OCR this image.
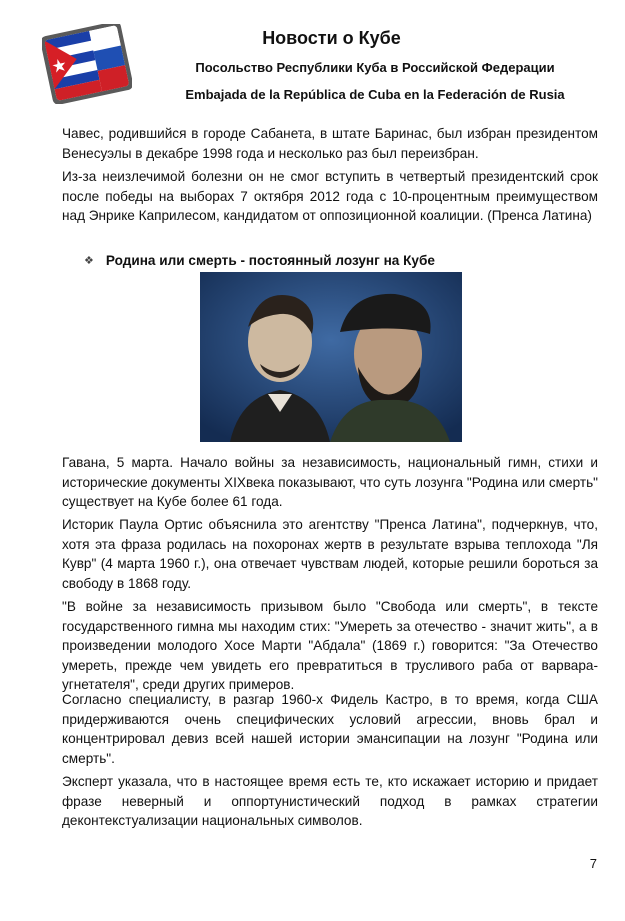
Новости о Кубе
Посольство Республики Куба в Российской Федерации
Embajada de la República de Cuba en la Federación de Rusia

Чавес, родившийся в городе Сабанета, в штате Баринас, был избран президентом Венесуэлы в декабре 1998 года и несколько раз был переизбран.

Из-за неизлечимой болезни он не смог вступить в четвертый президентский срок после победы на выборах 7 октября 2012 года с 10-процентным преимуществом над Энрике Каприлесом, кандидатом от оппозиционной коалиции. (Пренса Латина)

❖ Родина или смерть - постоянный лозунг на Кубе

Гавана, 5 марта. Начало войны за независимость, национальный гимн, стихи и исторические документы XIXвека показывают, что суть лозунга "Родина или смерть" существует на Кубе более 61 года.

Историк Паула Ортис объяснила это агентству "Пренса Латина", подчеркнув, что, хотя эта фраза родилась на похоронах жертв в результате взрыва теплохода "Ля Кувр" (4 марта 1960 г.), она отвечает чувствам людей, которые решили бороться за свободу в 1868 году.

"В войне за независимость призывом было "Свобода или смерть", в тексте государственного гимна мы находим стих: "Умереть за отечество - значит жить", а в произведении молодого Хосе Марти "Абдала" (1869 г.) говорится: "За Отечество умереть, прежде чем увидеть его превратиться в трусливого раба от варвара-угнетателя", среди других примеров.

Согласно специалисту, в разгар 1960-х Фидель Кастро, в то время, когда США придерживаются очень специфических условий агрессии, вновь брал и концентрировал девиз всей нашей истории эмансипации на лозунг "Родина или смерть".

Эксперт указала, что в настоящее время есть те, кто искажает историю и придает фразе неверный и оппортунистический подход в рамках стратегии деконтекстуализации национальных символов.

7
